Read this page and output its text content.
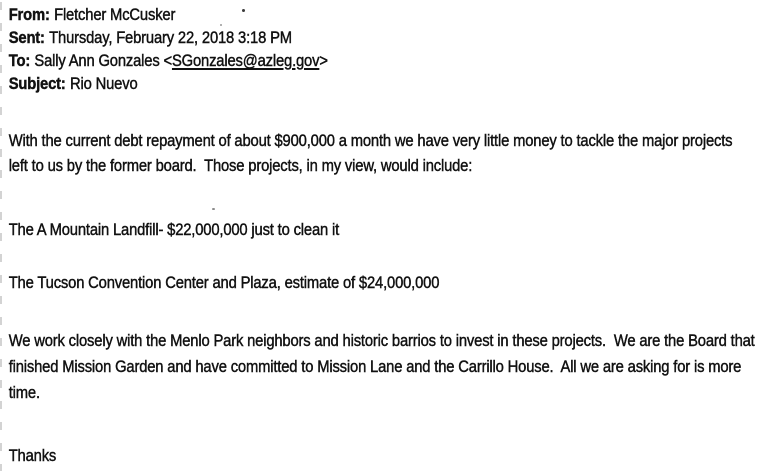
From: Fletcher McCusker
Sent: Thursday, February 22, 2018 3:18 PM
To: Sally Ann Gonzales <SGonzales@azleg.gov>
Subject: Rio Nuevo
With the current debt repayment of about $900,000 a month we have very little money to tackle the major projects
left to us by the former board.  Those projects, in my view, would include:
The A Mountain Landfill- $22,000,000 just to clean it
The Tucson Convention Center and Plaza, estimate of $24,000,000
We work closely with the Menlo Park neighbors and historic barrios to invest in these projects.  We are the Board that
finished Mission Garden and have committed to Mission Lane and the Carrillo House.  All we are asking for is more
time.
Thanks
